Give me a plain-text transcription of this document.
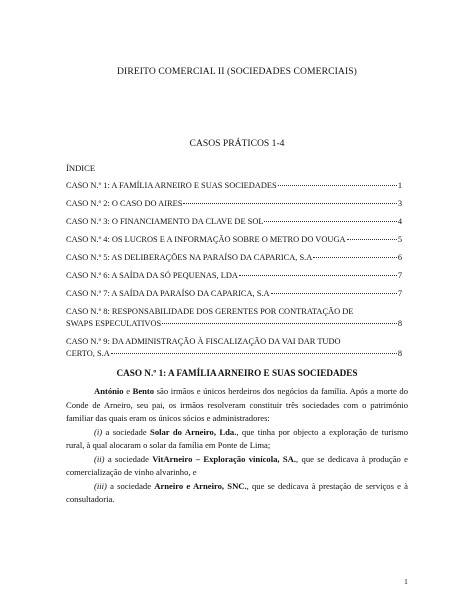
DIREITO COMERCIAL II (SOCIEDADES COMERCIAIS)
CASOS PRÁTICOS 1-4
ÍNDICE
CASO N.º 1: A FAMÍLIA ARNEIRO E SUAS SOCIEDADES	1
CASO N.º 2: O CASO DO AIRES	3
CASO N.º 3: O FINANCIAMENTO DA CLAVE DE SOL	4
CASO N.º 4: OS LUCROS E A INFORMAÇÃO SOBRE O METRO DO VOUGA	5
CASO N.º 5: AS DELIBERAÇÕES NA PARAÍSO DA CAPARICA, S.A	6
CASO N.º 6: A SAÍDA DA SÓ PEQUENAS, LDA	7
CASO N.º 7: A SAÍDA DA PARAÍSO DA CAPARICA, S.A	7
CASO N.º 8: RESPONSABILIDADE DOS GERENTES POR CONTRATAÇÃO DE
SWAPS ESPECULATIVOS	8
CASO N.º 9: DA ADMINISTRAÇÃO À FISCALIZAÇÃO DA VAI DAR TUDO
CERTO, S.A	8
CASO N.º 1: A FAMÍLIA ARNEIRO E SUAS SOCIEDADES

António e Bento são irmãos e únicos herdeiros dos negócios da família. Após a morte do Conde de Arneiro, seu pai, os irmãos resolveram constituir três sociedades com o património familiar das quais eram os únicos sócios e administradores:

(i) a sociedade Solar do Arneiro, Lda., que tinha por objecto a exploração de turismo rural, à qual alocaram o solar da família em Ponte de Lima;

(ii) a sociedade VitArneiro – Exploração vinícola, SA., que se dedicava à produção e comercialização de vinho alvarinho, e

(iii) a sociedade Arneiro e Arneiro, SNC., que se dedicava à prestação de serviços e à consultadoria.

1
